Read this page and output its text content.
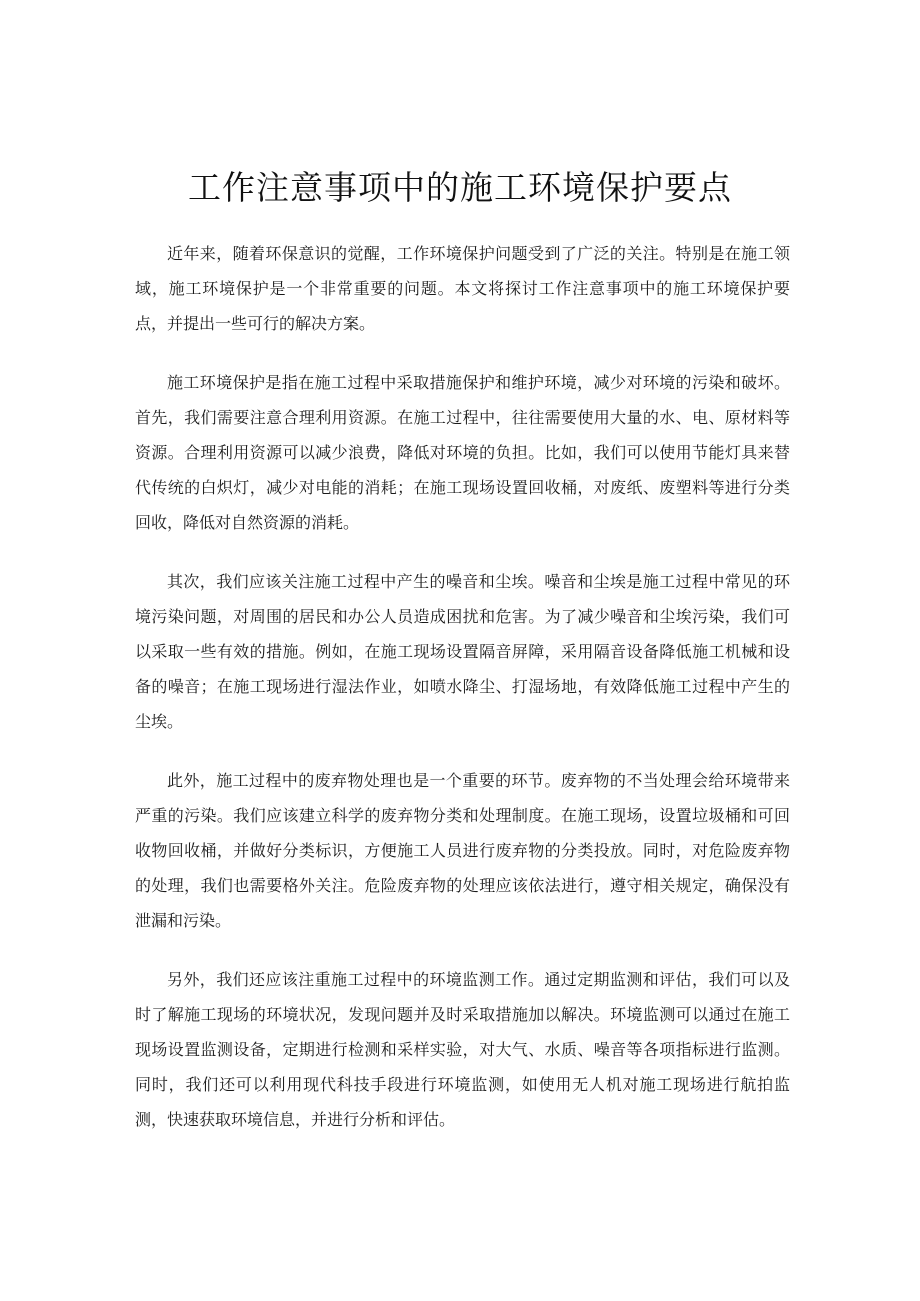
工作注意事项中的施工环境保护要点

近年来，随着环保意识的觉醒，工作环境保护问题受到了广泛的关注。特别是在施工领域，施工环境保护是一个非常重要的问题。本文将探讨工作注意事项中的施工环境保护要点，并提出一些可行的解决方案。

施工环境保护是指在施工过程中采取措施保护和维护环境，减少对环境的污染和破坏。首先，我们需要注意合理利用资源。在施工过程中，往往需要使用大量的水、电、原材料等资源。合理利用资源可以减少浪费，降低对环境的负担。比如，我们可以使用节能灯具来替代传统的白炽灯，减少对电能的消耗；在施工现场设置回收桶，对废纸、废塑料等进行分类回收，降低对自然资源的消耗。

其次，我们应该关注施工过程中产生的噪音和尘埃。噪音和尘埃是施工过程中常见的环境污染问题，对周围的居民和办公人员造成困扰和危害。为了减少噪音和尘埃污染，我们可以采取一些有效的措施。例如，在施工现场设置隔音屏障，采用隔音设备降低施工机械和设备的噪音；在施工现场进行湿法作业，如喷水降尘、打湿场地，有效降低施工过程中产生的尘埃。

此外，施工过程中的废弃物处理也是一个重要的环节。废弃物的不当处理会给环境带来严重的污染。我们应该建立科学的废弃物分类和处理制度。在施工现场，设置垃圾桶和可回收物回收桶，并做好分类标识，方便施工人员进行废弃物的分类投放。同时，对危险废弃物的处理，我们也需要格外关注。危险废弃物的处理应该依法进行，遵守相关规定，确保没有泄漏和污染。

另外，我们还应该注重施工过程中的环境监测工作。通过定期监测和评估，我们可以及时了解施工现场的环境状况，发现问题并及时采取措施加以解决。环境监测可以通过在施工现场设置监测设备，定期进行检测和采样实验，对大气、水质、噪音等各项指标进行监测。同时，我们还可以利用现代科技手段进行环境监测，如使用无人机对施工现场进行航拍监测，快速获取环境信息，并进行分析和评估。
